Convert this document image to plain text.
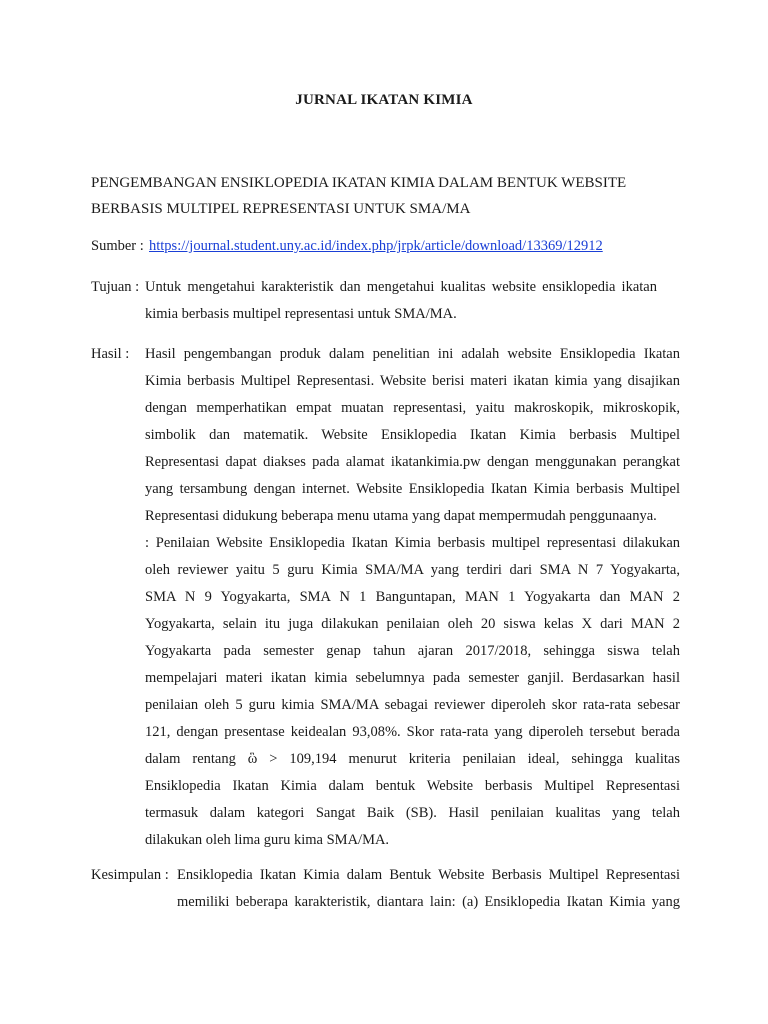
JURNAL IKATAN KIMIA
PENGEMBANGAN ENSIKLOPEDIA IKATAN KIMIA DALAM BENTUK WEBSITE
BERBASIS MULTIPEL REPRESENTASI UNTUK SMA/MA
Sumber : https://journal.student.uny.ac.id/index.php/jrpk/article/download/13369/12912
Tujuan : Untuk mengetahui karakteristik dan mengetahui kualitas website ensiklopedia ikatan
kimia berbasis multipel representasi untuk SMA/MA.
Hasil : Hasil pengembangan produk dalam penelitian ini adalah website Ensiklopedia Ikatan
Kimia berbasis Multipel Representasi. Website berisi materi ikatan kimia yang disajikan
dengan memperhatikan empat muatan representasi, yaitu makroskopik, mikroskopik,
simbolik dan matematik. Website Ensiklopedia Ikatan Kimia berbasis Multipel
Representasi dapat diakses pada alamat ikatankimia.pw dengan menggunakan perangkat
yang tersambung dengan internet. Website Ensiklopedia Ikatan Kimia berbasis Multipel
Representasi didukung beberapa menu utama yang dapat mempermudah penggunaanya.
: Penilaian Website Ensiklopedia Ikatan Kimia berbasis multipel representasi dilakukan
oleh reviewer yaitu 5 guru Kimia SMA/MA yang terdiri dari SMA N 7 Yogyakarta,
SMA N 9 Yogyakarta, SMA N 1 Banguntapan, MAN 1 Yogyakarta dan MAN 2
Yogyakarta, selain itu juga dilakukan penilaian oleh 20 siswa kelas X dari MAN 2
Yogyakarta pada semester genap tahun ajaran 2017/2018, sehingga siswa telah
mempelajari materi ikatan kimia sebelumnya pada semester ganjil. Berdasarkan hasil
penilaian oleh 5 guru kimia SMA/MA sebagai reviewer diperoleh skor rata-rata sebesar
121, dengan presentase keidealan 93,08%. Skor rata-rata yang diperoleh tersebut berada
dalam rentang ὣ > 109,194 menurut kriteria penilaian ideal, sehingga kualitas
Ensiklopedia Ikatan Kimia dalam bentuk Website berbasis Multipel Representasi
termasuk dalam kategori Sangat Baik (SB). Hasil penilaian kualitas yang telah
dilakukan oleh lima guru kima SMA/MA.
Kesimpulan : Ensiklopedia Ikatan Kimia dalam Bentuk Website Berbasis Multipel Representasi
memiliki beberapa karakteristik, diantara lain: (a) Ensiklopedia Ikatan Kimia yang
